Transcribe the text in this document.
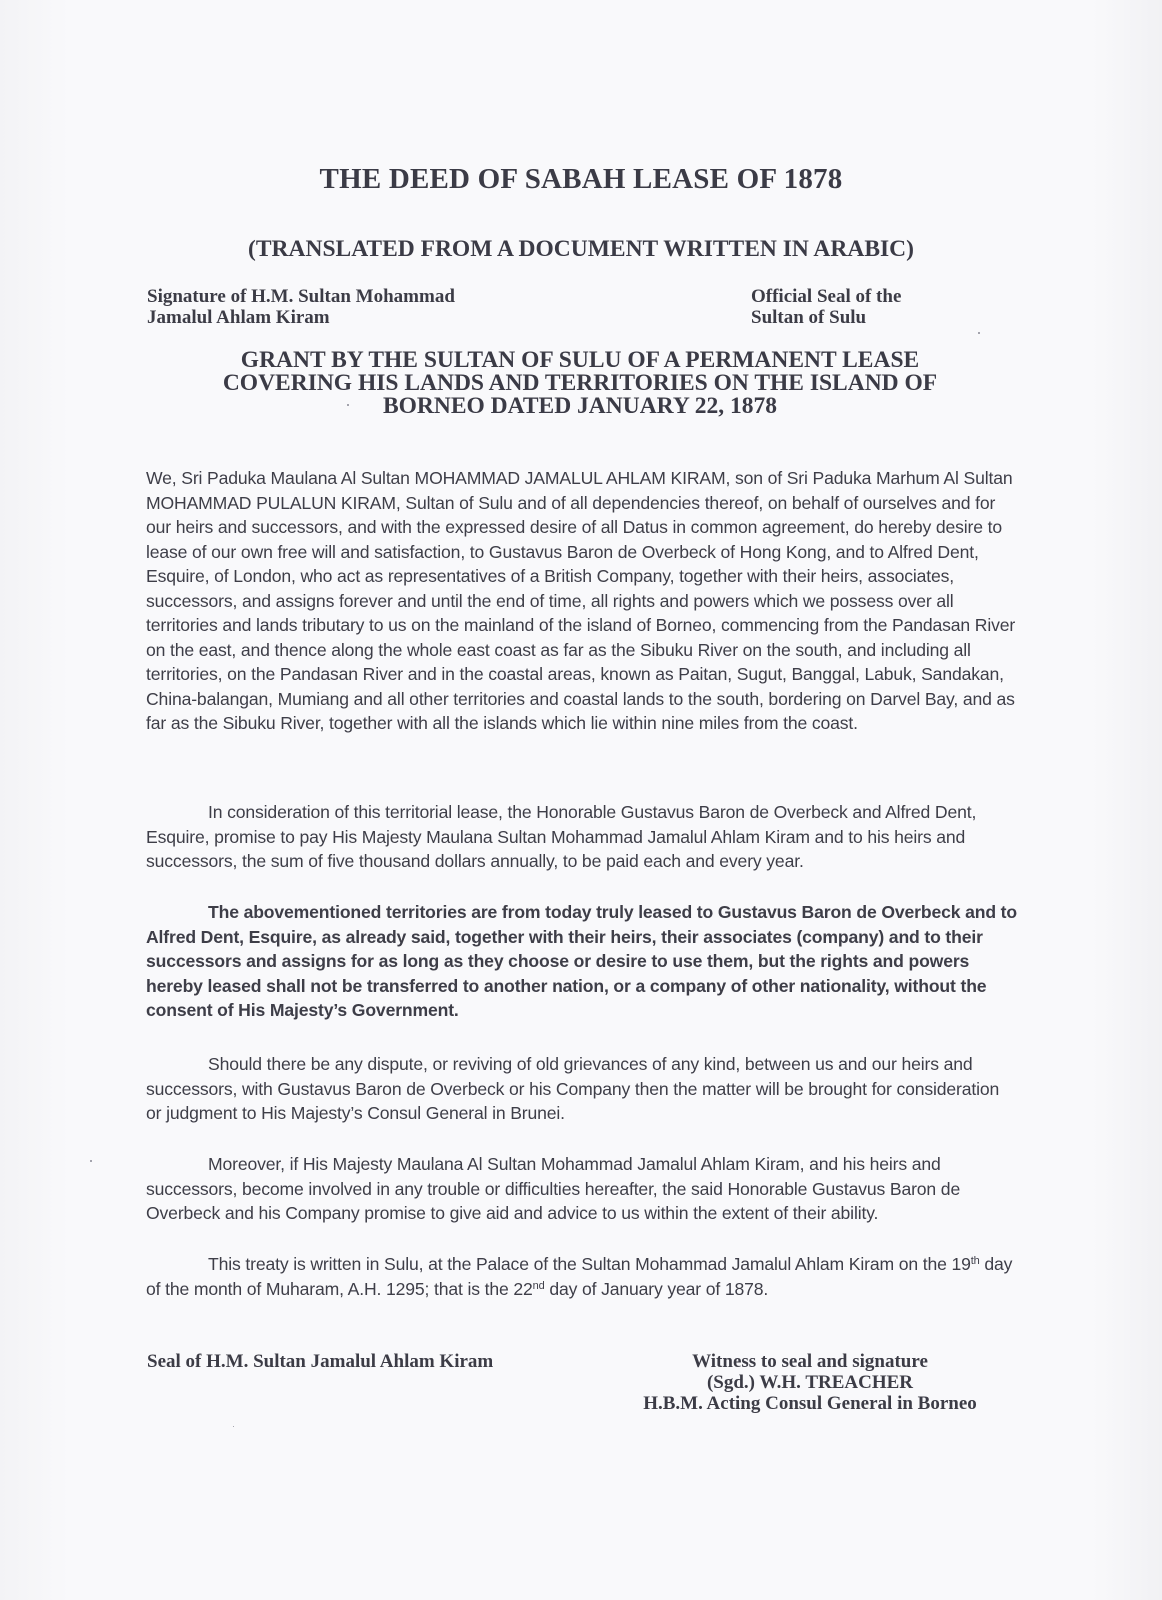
THE DEED OF SABAH LEASE OF 1878
(TRANSLATED FROM A DOCUMENT WRITTEN IN ARABIC)
Signature of H.M. Sultan Mohammad
Jamalul Ahlam Kiram
Official Seal of the
Sultan of Sulu
GRANT BY THE SULTAN OF SULU OF A PERMANENT LEASE
COVERING HIS LANDS AND TERRITORIES ON THE ISLAND OF
BORNEO DATED JANUARY 22, 1878

We, Sri Paduka Maulana Al Sultan MOHAMMAD JAMALUL AHLAM KIRAM, son of Sri Paduka Marhum Al Sultan MOHAMMAD PULALUN KIRAM, Sultan of Sulu and of all dependencies thereof, on behalf of ourselves and for our heirs and successors, and with the expressed desire of all Datus in common agreement, do hereby desire to lease of our own free will and satisfaction, to Gustavus Baron de Overbeck of Hong Kong, and to Alfred Dent, Esquire, of London, who act as representatives of a British Company, together with their heirs, associates, successors, and assigns forever and until the end of time, all rights and powers which we possess over all territories and lands tributary to us on the mainland of the island of Borneo, commencing from the Pandasan River on the east, and thence along the whole east coast as far as the Sibuku River on the south, and including all territories, on the Pandasan River and in the coastal areas, known as Paitan, Sugut, Banggal, Labuk, Sandakan, China-balangan, Mumiang and all other territories and coastal lands to the south, bordering on Darvel Bay, and as far as the Sibuku River, together with all the islands which lie within nine miles from the coast.

In consideration of this territorial lease, the Honorable Gustavus Baron de Overbeck and Alfred Dent, Esquire, promise to pay His Majesty Maulana Sultan Mohammad Jamalul Ahlam Kiram and to his heirs and successors, the sum of five thousand dollars annually, to be paid each and every year.

The abovementioned territories are from today truly leased to Gustavus Baron de Overbeck and to Alfred Dent, Esquire, as already said, together with their heirs, their associates (company) and to their successors and assigns for as long as they choose or desire to use them, but the rights and powers hereby leased shall not be transferred to another nation, or a company of other nationality, without the consent of His Majesty’s Government.

Should there be any dispute, or reviving of old grievances of any kind, between us and our heirs and successors, with Gustavus Baron de Overbeck or his Company then the matter will be brought for consideration or judgment to His Majesty’s Consul General in Brunei.

Moreover, if His Majesty Maulana Al Sultan Mohammad Jamalul Ahlam Kiram, and his heirs and successors, become involved in any trouble or difficulties hereafter, the said Honorable Gustavus Baron de Overbeck and his Company promise to give aid and advice to us within the extent of their ability.

This treaty is written in Sulu, at the Palace of the Sultan Mohammad Jamalul Ahlam Kiram on the 19th day of the month of Muharam, A.H. 1295; that is the 22nd day of January year of 1878.

Seal of H.M. Sultan Jamalul Ahlam Kiram	Witness to seal and signature
(Sgd.) W.H. TREACHER
H.B.M. Acting Consul General in Borneo
